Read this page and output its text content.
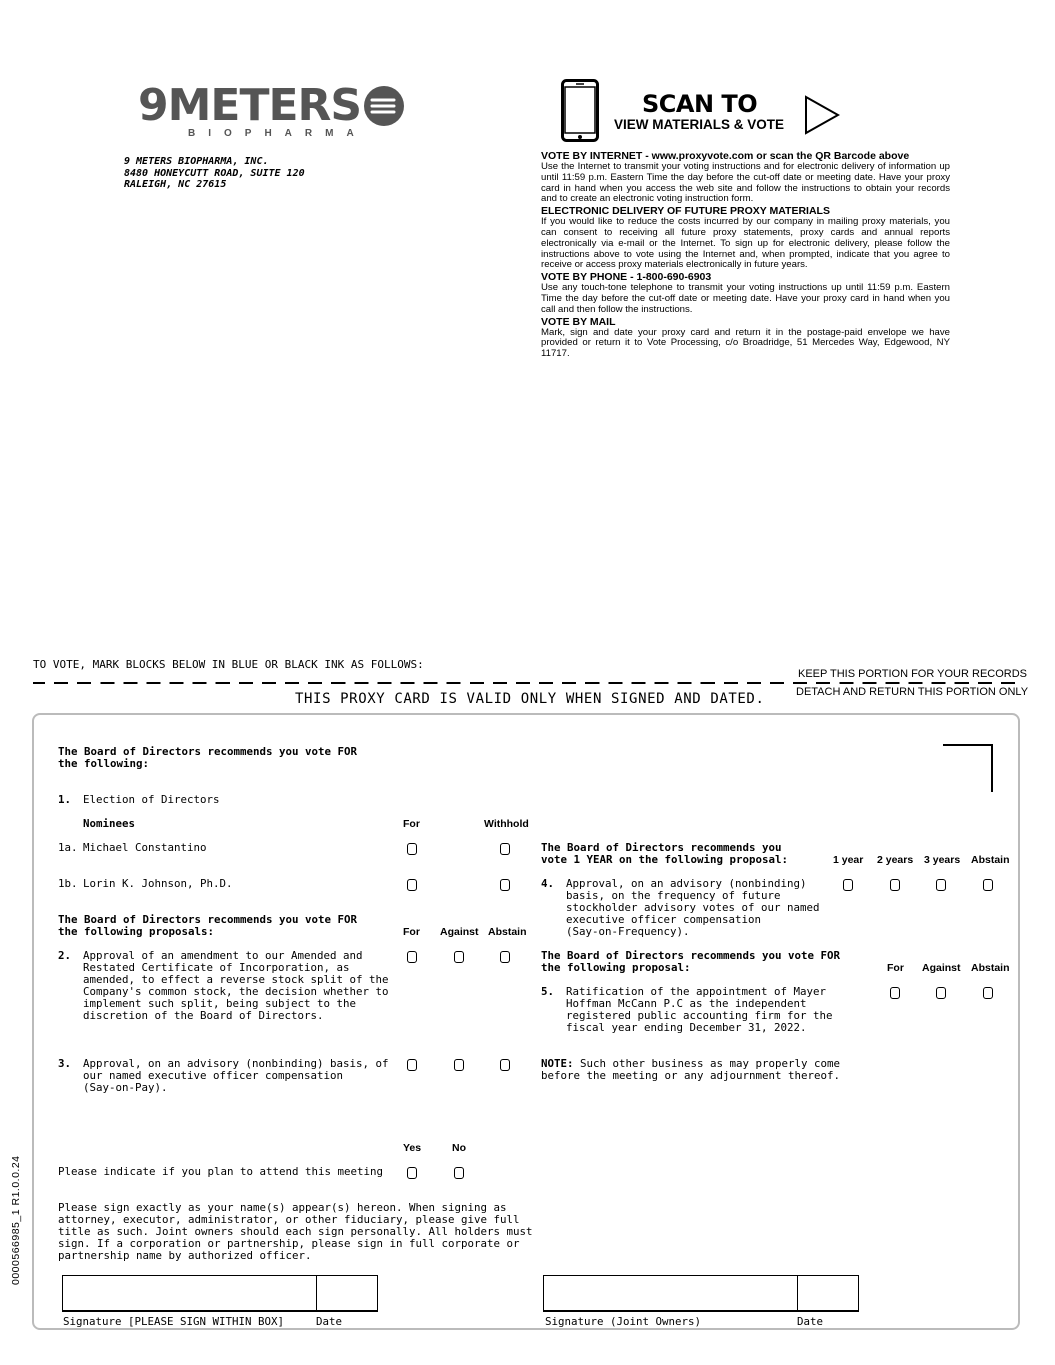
9METERS
BIOPHARMA
9 METERS BIOPHARMA, INC.
8480 HONEYCUTT ROAD, SUITE 120
RALEIGH, NC 27615
SCAN TO
VIEW MATERIALS & VOTE
VOTE BY INTERNET - www.proxyvote.com or scan the QR Barcode above

Use the Internet to transmit your voting instructions and for electronic delivery of information up until 11:59 p.m. Eastern Time the day before the cut-off date or meeting date. Have your proxy card in hand when you access the web site and follow the instructions to obtain your records and to create an electronic voting instruction form.

ELECTRONIC DELIVERY OF FUTURE PROXY MATERIALS

If you would like to reduce the costs incurred by our company in mailing proxy materials, you can consent to receiving all future proxy statements, proxy cards and annual reports electronically via e-mail or the Internet. To sign up for electronic delivery, please follow the instructions above to vote using the Internet and, when prompted, indicate that you agree to receive or access proxy materials electronically in future years.

VOTE BY PHONE - 1-800-690-6903

Use any touch-tone telephone to transmit your voting instructions up until 11:59 p.m. Eastern Time the day before the cut-off date or meeting date. Have your proxy card in hand when you call and then follow the instructions.

VOTE BY MAIL

Mark, sign and date your proxy card and return it in the postage-paid envelope we have provided or return it to Vote Processing, c/o Broadridge, 51 Mercedes Way, Edgewood, NY 11717.

TO VOTE, MARK BLOCKS BELOW IN BLUE OR BLACK INK AS FOLLOWS:
KEEP THIS PORTION FOR YOUR RECORDS
DETACH AND RETURN THIS PORTION ONLY
THIS PROXY CARD IS VALID ONLY WHEN SIGNED AND DATED.
The Board of Directors recommends you vote FOR
the following:
1. Election of Directors
Nominees	For	Withhold
1a. Michael Constantino
1b. Lorin K. Johnson, Ph.D.
The Board of Directors recommends you vote FOR
the following proposals:	For Against Abstain
2. Approval of an amendment to our Amended and
Restated Certificate of Incorporation, as
amended, to effect a reverse stock split of the
Company's common stock, the decision whether to
implement such split, being subject to the
discretion of the Board of Directors.
3. Approval, on an advisory (nonbinding) basis, of
our named executive officer compensation
(Say-on-Pay).
The Board of Directors recommends you
vote 1 YEAR on the following proposal:	1 year 2 years 3 years Abstain
4. Approval, on an advisory (nonbinding)
basis, on the frequency of future
stockholder advisory votes of our named
executive officer compensation
(Say-on-Frequency).
The Board of Directors recommends you vote FOR
the following proposal:	For Against Abstain
5. Ratification of the appointment of Mayer
Hoffman McCann P.C as the independent
registered public accounting firm for the
fiscal year ending December 31, 2022.
NOTE: Such other business as may properly come
before the meeting or any adjournment thereof.
Yes	No
Please indicate if you plan to attend this meeting
Please sign exactly as your name(s) appear(s) hereon. When signing as
attorney, executor, administrator, or other fiduciary, please give full
title as such. Joint owners should each sign personally. All holders must
sign. If a corporation or partnership, please sign in full corporate or
partnership name by authorized officer.
Signature [PLEASE SIGN WITHIN BOX]	Date	Signature (Joint Owners)	Date
0000566985_1 R1.0.0.24
